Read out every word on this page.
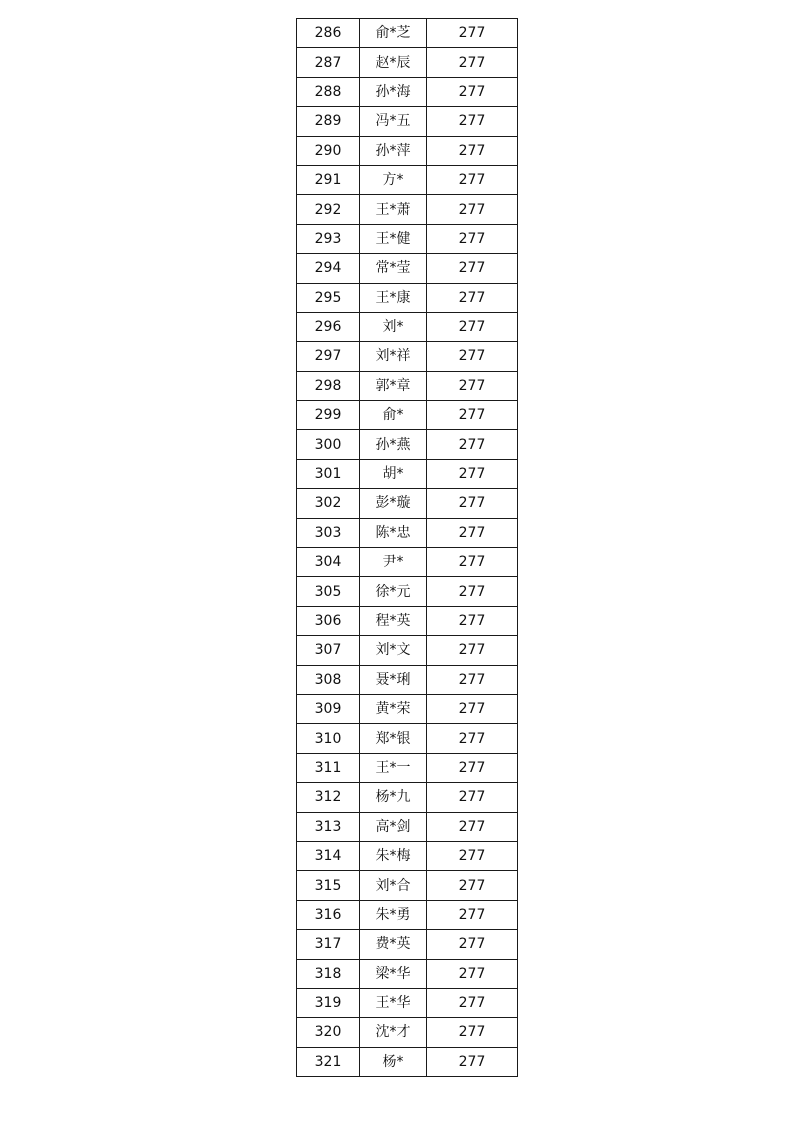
286	俞*芝	277
287	赵*辰	277
288	孙*海	277
289	冯*五	277
290	孙*萍	277
291	方*	277
292	王*萧	277
293	王*健	277
294	常*莹	277
295	王*康	277
296	刘*	277
297	刘*祥	277
298	郭*章	277
299	俞*	277
300	孙*燕	277
301	胡*	277
302	彭*璇	277
303	陈*忠	277
304	尹*	277
305	徐*元	277
306	程*英	277
307	刘*文	277
308	聂*琍	277
309	黄*荣	277
310	郑*银	277
311	王*一	277
312	杨*九	277
313	高*剑	277
314	朱*梅	277
315	刘*合	277
316	朱*勇	277
317	费*英	277
318	梁*华	277
319	王*华	277
320	沈*才	277
321	杨*	277
